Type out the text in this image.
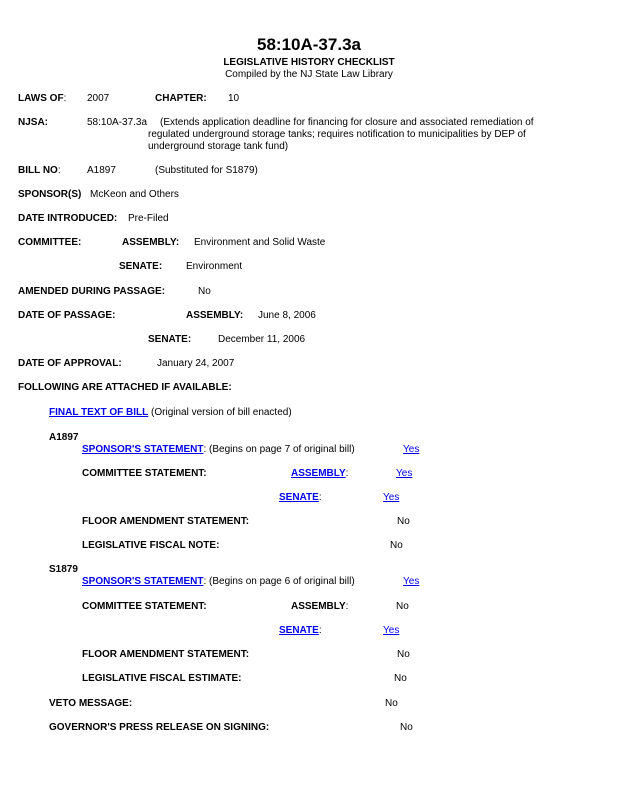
58:10A-37.3a
LEGISLATIVE HISTORY CHECKLIST
Compiled by the NJ State Law Library
LAWS OF: 2007	CHAPTER: 10
NJSA:	58:10A-37.3a (Extends application deadline for financing for closure and associated remediation of
regulated underground storage tanks; requires notification to municipalities by DEP of
underground storage tank fund)
BILL NO:	A1897	(Substituted for S1879)
SPONSOR(S) McKeon and Others
DATE INTRODUCED: Pre-Filed
COMMITTEE:	ASSEMBLY: Environment and Solid Waste
SENATE: Environment
AMENDED DURING PASSAGE:	No
DATE OF PASSAGE:	ASSEMBLY: June 8, 2006
SENATE:	December 11, 2006
DATE OF APPROVAL:	January 24, 2007
FOLLOWING ARE ATTACHED IF AVAILABLE:
FINAL TEXT OF BILL (Original version of bill enacted)
A1897
SPONSOR'S STATEMENT: (Begins on page 7 of original bill)	Yes
COMMITTEE STATEMENT:	ASSEMBLY:	Yes
SENATE:	Yes
FLOOR AMENDMENT STATEMENT:	No
LEGISLATIVE FISCAL NOTE:	No
S1879
SPONSOR'S STATEMENT: (Begins on page 6 of original bill)	Yes
COMMITTEE STATEMENT:	ASSEMBLY:	No
SENATE:	Yes
FLOOR AMENDMENT STATEMENT:	No
LEGISLATIVE FISCAL ESTIMATE:	No
VETO MESSAGE:	No
GOVERNOR'S PRESS RELEASE ON SIGNING:	No
